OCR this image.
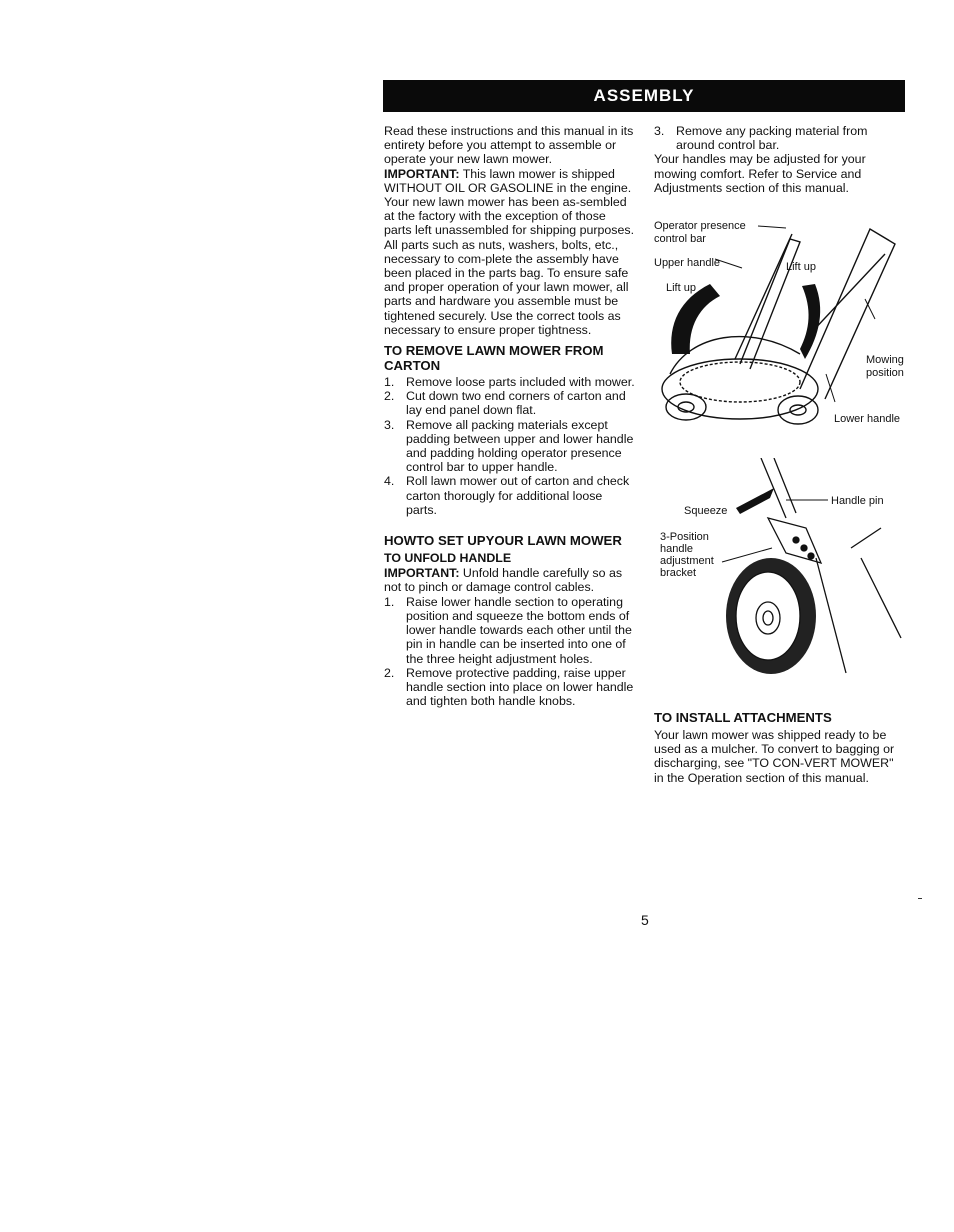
ASSEMBLY

Read these instructions and this manual in its entirety before you attempt to assemble or operate your new lawn mower.

IMPORTANT: This lawn mower is shipped WITHOUT OIL OR GASOLINE in the engine.

Your new lawn mower has been as-sembled at the factory with the exception of those parts left unassembled for shipping purposes. All parts such as nuts, washers, bolts, etc., necessary to com-plete the assembly have been placed in the parts bag. To ensure safe and proper operation of your lawn mower, all parts and hardware you assemble must be tightened securely. Use the correct tools as necessary to ensure proper tightness.

TO REMOVE LAWN MOWER FROM CARTON
1. Remove loose parts included with mower.
2. Cut down two end corners of carton and lay end panel down flat.
3. Remove all packing materials except padding between upper and lower handle and padding holding operator presence control bar to upper handle.
4. Roll lawn mower out of carton and check carton thorougly for additional loose parts.
HOWTO SET UPYOUR LAWN MOWER
TO UNFOLD HANDLE

IMPORTANT: Unfold handle carefully so as not to pinch or damage control cables.

1. Raise lower handle section to operating position and squeeze the bottom ends of lower handle towards each other until the pin in handle can be inserted into one of the three height adjustment holes.
2. Remove protective padding, raise upper handle section into place on lower handle and tighten both handle knobs.
3. Remove any packing material from around control bar.

Your handles may be adjusted for your mowing comfort. Refer to Service and Adjustments section of this manual.

Operator presence
control bar
Upper handle
Lift up
Lift up
Mowing
position
Lower handle
Squeeze
Handle pin
3-Position
handle
adjustment
bracket
TO INSTALL ATTACHMENTS

Your lawn mower was shipped ready to be used as a mulcher. To convert to bagging or discharging, see "TO CON-VERT MOWER" in the Operation section of this manual.

5
